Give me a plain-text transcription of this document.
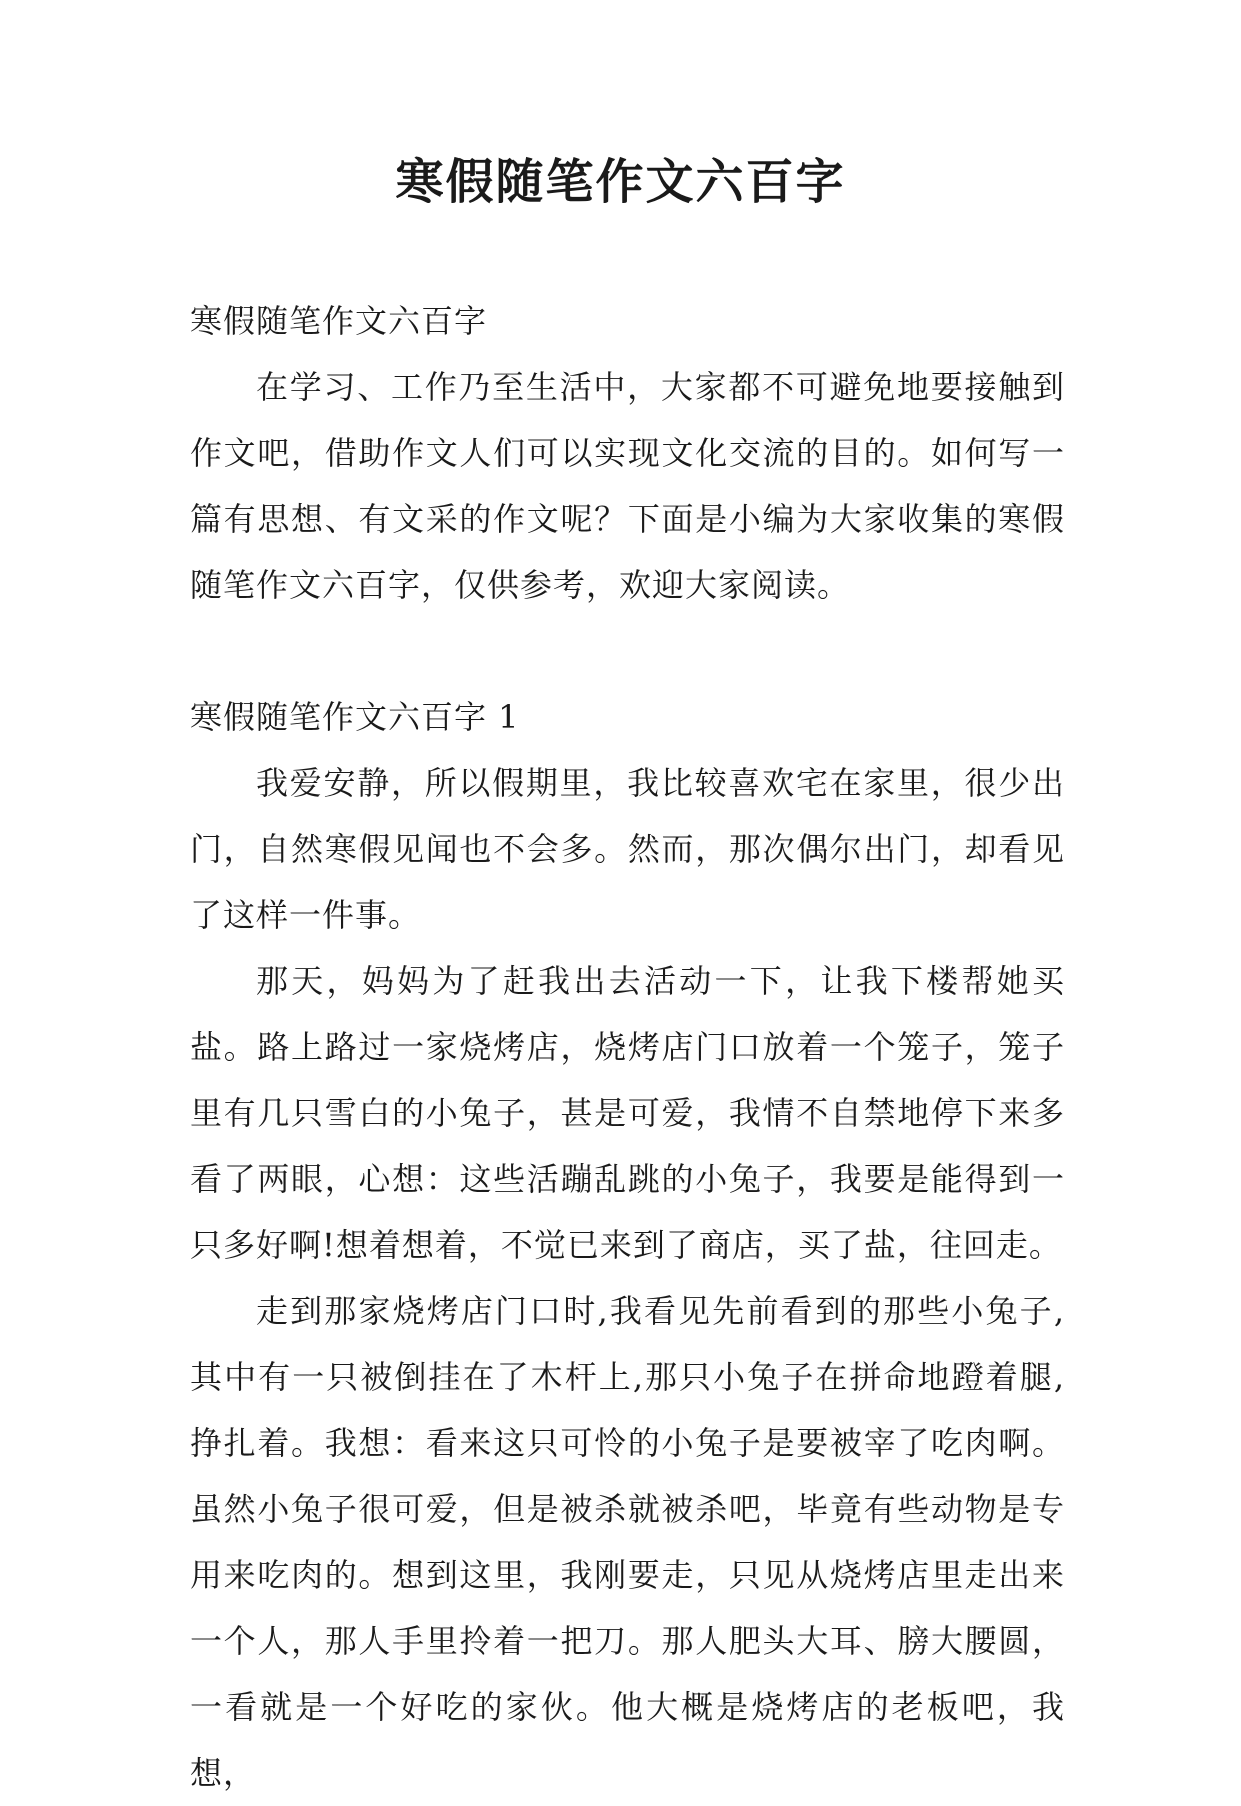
寒假随笔作文六百字

寒假随笔作文六百字

在学习、工作乃至生活中，大家都不可避免地要接触到作文吧，借助作文人们可以实现文化交流的目的。如何写一篇有思想、有文采的作文呢？下面是小编为大家收集的寒假随笔作文六百字，仅供参考，欢迎大家阅读。

寒假随笔作文六百字 1

我爱安静，所以假期里，我比较喜欢宅在家里，很少出门，自然寒假见闻也不会多。然而，那次偶尔出门，却看见了这样一件事。

那天，妈妈为了赶我出去活动一下，让我下楼帮她买盐。路上路过一家烧烤店，烧烤店门口放着一个笼子，笼子里有几只雪白的小兔子，甚是可爱，我情不自禁地停下来多看了两眼，心想：这些活蹦乱跳的小兔子，我要是能得到一只多好啊!想着想着，不觉已来到了商店，买了盐，往回走。

走到那家烧烤店门口时,我看见先前看到的那些小兔子,其中有一只被倒挂在了木杆上,那只小兔子在拼命地蹬着腿,挣扎着。我想：看来这只可怜的小兔子是要被宰了吃肉啊。虽然小兔子很可爱，但是被杀就被杀吧，毕竟有些动物是专用来吃肉的。想到这里，我刚要走，只见从烧烤店里走出来一个人，那人手里拎着一把刀。那人肥头大耳、膀大腰圆，一看就是一个好吃的家伙。他大概是烧烤店的老板吧，我想，
